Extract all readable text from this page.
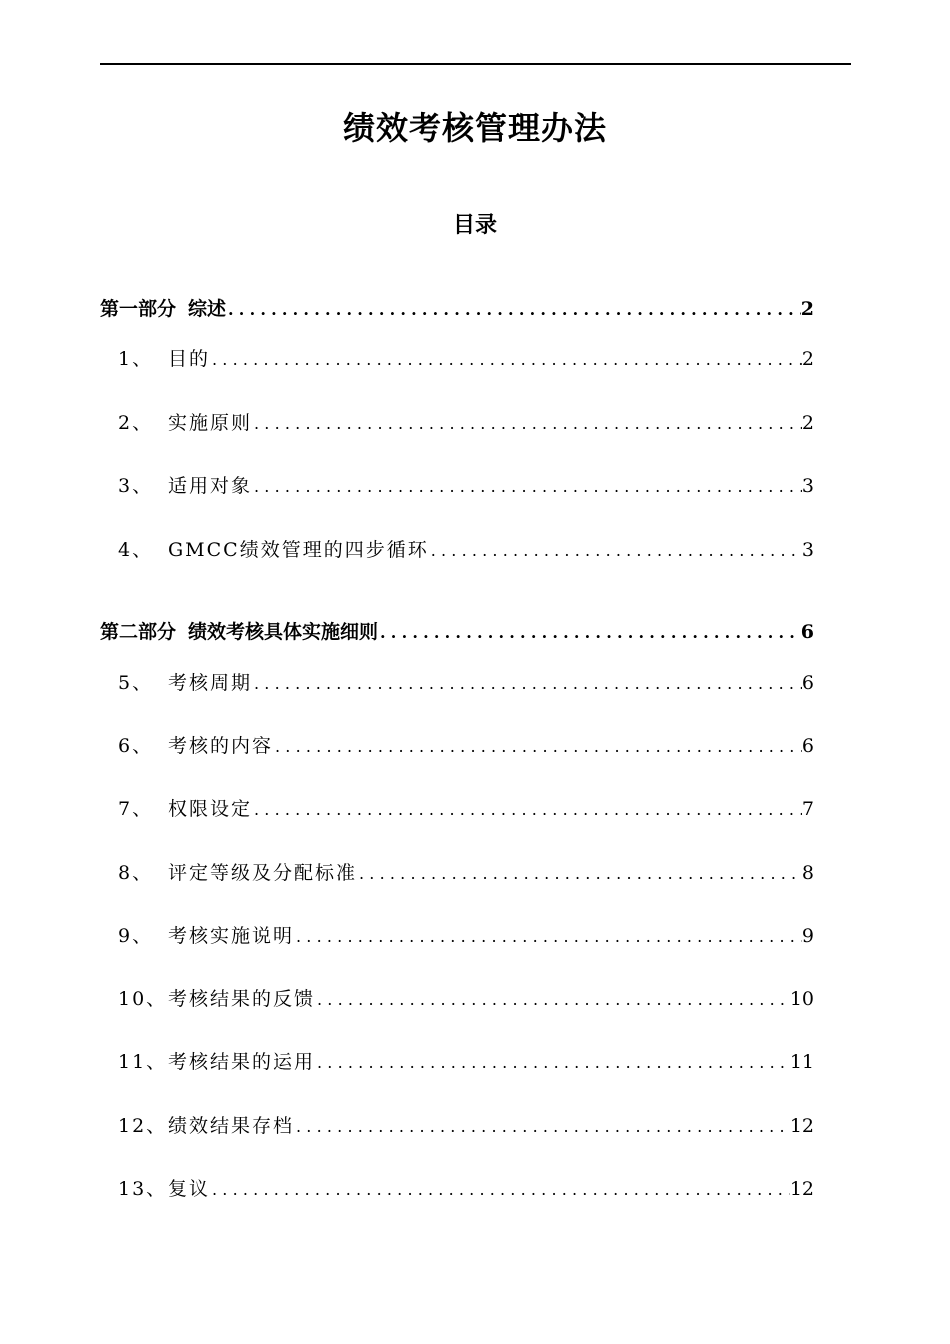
绩效考核管理办法
目录
第一部分 综述 .....	2
1、 目的 .....	2
2、 实施原则 .....	2
3、 适用对象 .....	3
4、 GMCC绩效管理的四步循环 .....	3
第二部分 绩效考核具体实施细则 .....	6
5、 考核周期 .....	6
6、 考核的内容 .....	6
7、 权限设定 .....	7
8、 评定等级及分配标准 .....	8
9、 考核实施说明 .....	9
10、 考核结果的反馈 .....	10
11、 考核结果的运用 .....	11
12、 绩效结果存档 .....	12
13、 复议 .....	12
